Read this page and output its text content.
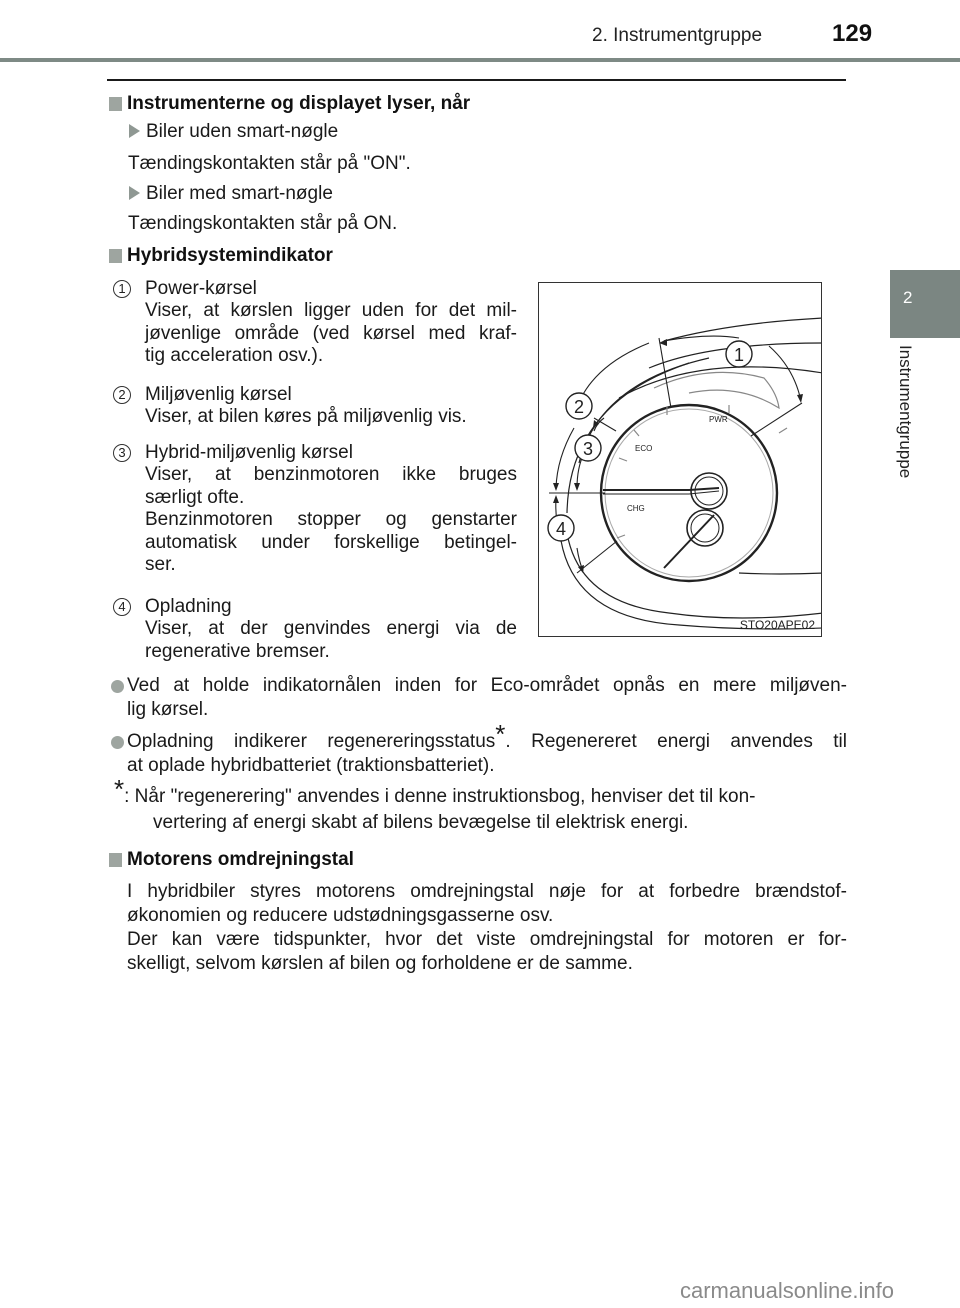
2. Instrumentgruppe	129
2
Instrumentgruppe
Instrumenterne og displayet lyser, når
Biler uden smart-nøgle
Tændingskontakten står på "ON".
Biler med smart-nøgle
Tændingskontakten står på ON.
Hybridsystemindikator
1 Power-kørsel
Viser, at kørslen ligger uden for det mil-
jøvenlige område (ved kørsel med kraf-
tig acceleration osv.).
2 Miljøvenlig kørsel
Viser, at bilen køres på miljøvenlig vis.
3 Hybrid-miljøvenlig kørsel
Viser, at benzinmotoren ikke bruges
særligt ofte.
Benzinmotoren stopper og genstarter
automatisk under forskellige betingel-
ser.
4 Opladning
Viser, at der genvindes energi via de
regenerative bremser.
1
2
3
4
ECO
PWR
CHG
STO20APE02
Ved at holde indikatornålen inden for Eco-området opnås en mere miljøven-
lig kørsel.
Opladning indikerer regenereringsstatus*. Regenereret energi anvendes til
at oplade hybridbatteriet (traktionsbatteriet).
*: Når "regenerering" anvendes i denne instruktionsbog, henviser det til kon-
vertering af energi skabt af bilens bevægelse til elektrisk energi.
Motorens omdrejningstal
I hybridbiler styres motorens omdrejningstal nøje for at forbedre brændstof-
økonomien og reducere udstødningsgasserne osv.
Der kan være tidspunkter, hvor det viste omdrejningstal for motoren er for-
skelligt, selvom kørslen af bilen og forholdene er de samme.
carmanualsonline.info
